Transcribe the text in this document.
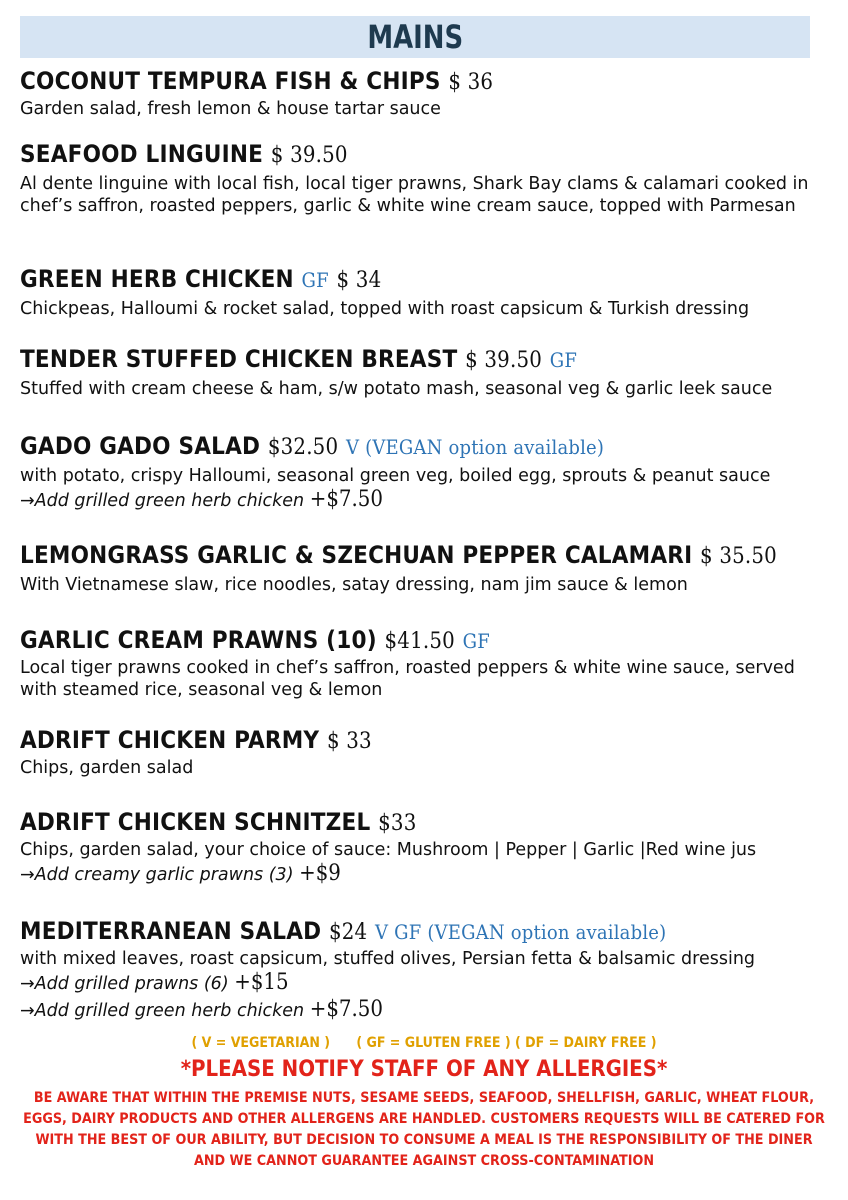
MAINS
COCONUT TEMPURA FISH & CHIPS $ 36
Garden salad, fresh lemon & house tartar sauce
SEAFOOD LINGUINE $ 39.50
Al dente linguine with local fish, local tiger prawns, Shark Bay clams & calamari cooked in chef’s saffron, roasted peppers, garlic & white wine cream sauce, topped with Parmesan
GREEN HERB CHICKEN GF $ 34
Chickpeas, Halloumi & rocket salad, topped with roast capsicum & Turkish dressing
TENDER STUFFED CHICKEN BREAST $ 39.50 GF
Stuffed with cream cheese & ham, s/w potato mash, seasonal veg & garlic leek sauce
GADO GADO SALAD $32.50 V (VEGAN option available)
with potato, crispy Halloumi, seasonal green veg, boiled egg, sprouts & peanut sauce
→Add grilled green herb chicken +$7.50
LEMONGRASS GARLIC & SZECHUAN PEPPER CALAMARI $ 35.50
With Vietnamese slaw, rice noodles, satay dressing, nam jim sauce & lemon
GARLIC CREAM PRAWNS (10) $41.50 GF
Local tiger prawns cooked in chef’s saffron, roasted peppers & white wine sauce, served with steamed rice, seasonal veg & lemon
ADRIFT CHICKEN PARMY $ 33
Chips, garden salad
ADRIFT CHICKEN SCHNITZEL $33
Chips, garden salad, your choice of sauce: Mushroom | Pepper | Garlic |Red wine jus
→Add creamy garlic prawns (3) +$9
MEDITERRANEAN SALAD $24 V GF (VEGAN option available)
with mixed leaves, roast capsicum, stuffed olives, Persian fetta & balsamic dressing
→Add grilled prawns (6) +$15
→Add grilled green herb chicken +$7.50
( V = VEGETARIAN )      ( GF = GLUTEN FREE ) ( DF = DAIRY FREE )
*PLEASE NOTIFY STAFF OF ANY ALLERGIES*
BE AWARE THAT WITHIN THE PREMISE NUTS, SESAME SEEDS, SEAFOOD, SHELLFISH, GARLIC, WHEAT FLOUR, EGGS, DAIRY PRODUCTS AND OTHER ALLERGENS ARE HANDLED. CUSTOMERS REQUESTS WILL BE CATERED FOR WITH THE BEST OF OUR ABILITY, BUT DECISION TO CONSUME A MEAL IS THE RESPONSIBILITY OF THE DINER AND WE CANNOT GUARANTEE AGAINST CROSS-CONTAMINATION
